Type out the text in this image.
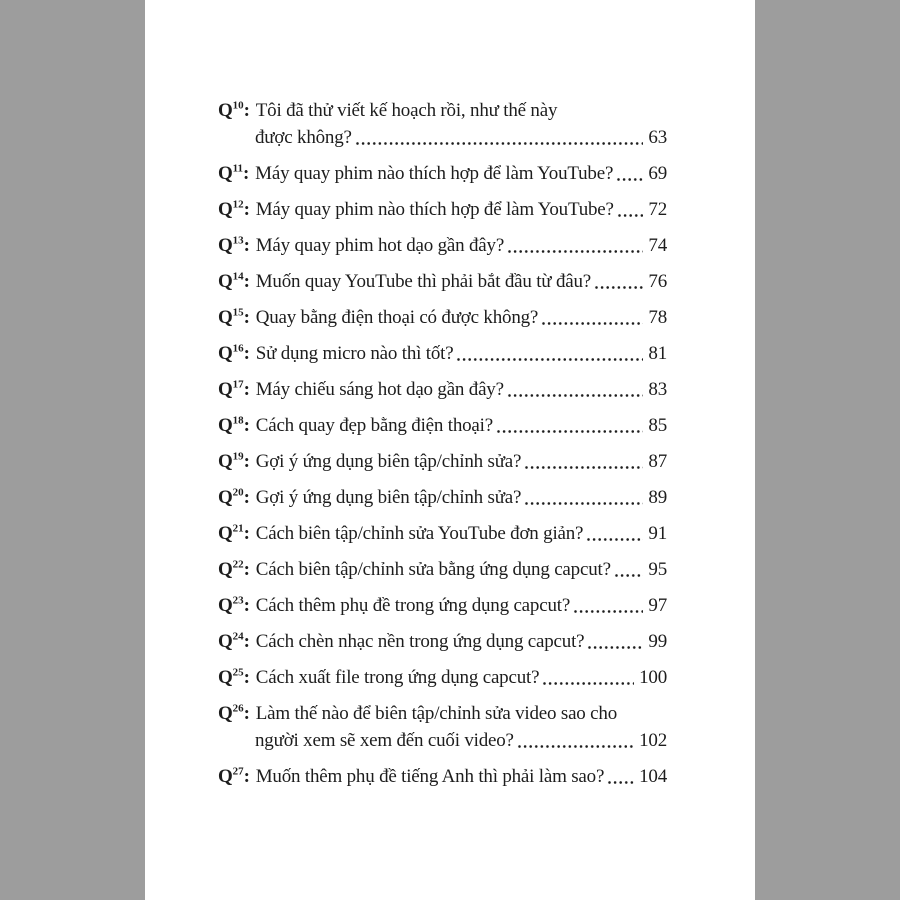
$Q^{10}$: Tôi đã thử viết kế hoạch rồi, như thế này
được không?	63
$Q^{11}$: Máy quay phim nào thích hợp để làm YouTube? 69
$Q^{12}$: Máy quay phim nào thích hợp để làm YouTube? 72
$Q^{13}$: Máy quay phim hot dạo gần đây?	74
$Q^{14}$: Muốn quay YouTube thì phải bắt đầu từ đâu?	76
$Q^{15}$: Quay bằng điện thoại có được không?	78
$Q^{16}$: Sử dụng micro nào thì tốt?	81
$Q^{17}$: Máy chiếu sáng hot dạo gần đây?	83
$Q^{18}$: Cách quay đẹp bằng điện thoại?	85
$Q^{19}$: Gợi ý ứng dụng biên tập/chỉnh sửa?	87
$Q^{20}$: Gợi ý ứng dụng biên tập/chỉnh sửa?	89
$Q^{21}$: Cách biên tập/chỉnh sửa YouTube đơn giản?	91
$Q^{22}$: Cách biên tập/chỉnh sửa bằng ứng dụng capcut? 95
$Q^{23}$: Cách thêm phụ đề trong ứng dụng capcut?	97
$Q^{24}$: Cách chèn nhạc nền trong ứng dụng capcut?	99
$Q^{25}$: Cách xuất file trong ứng dụng capcut?	100
$Q^{26}$: Làm thế nào để biên tập/chỉnh sửa video sao cho
người xem sẽ xem đến cuối video?	102
$Q^{27}$: Muốn thêm phụ đề tiếng Anh thì phải làm sao? 104
